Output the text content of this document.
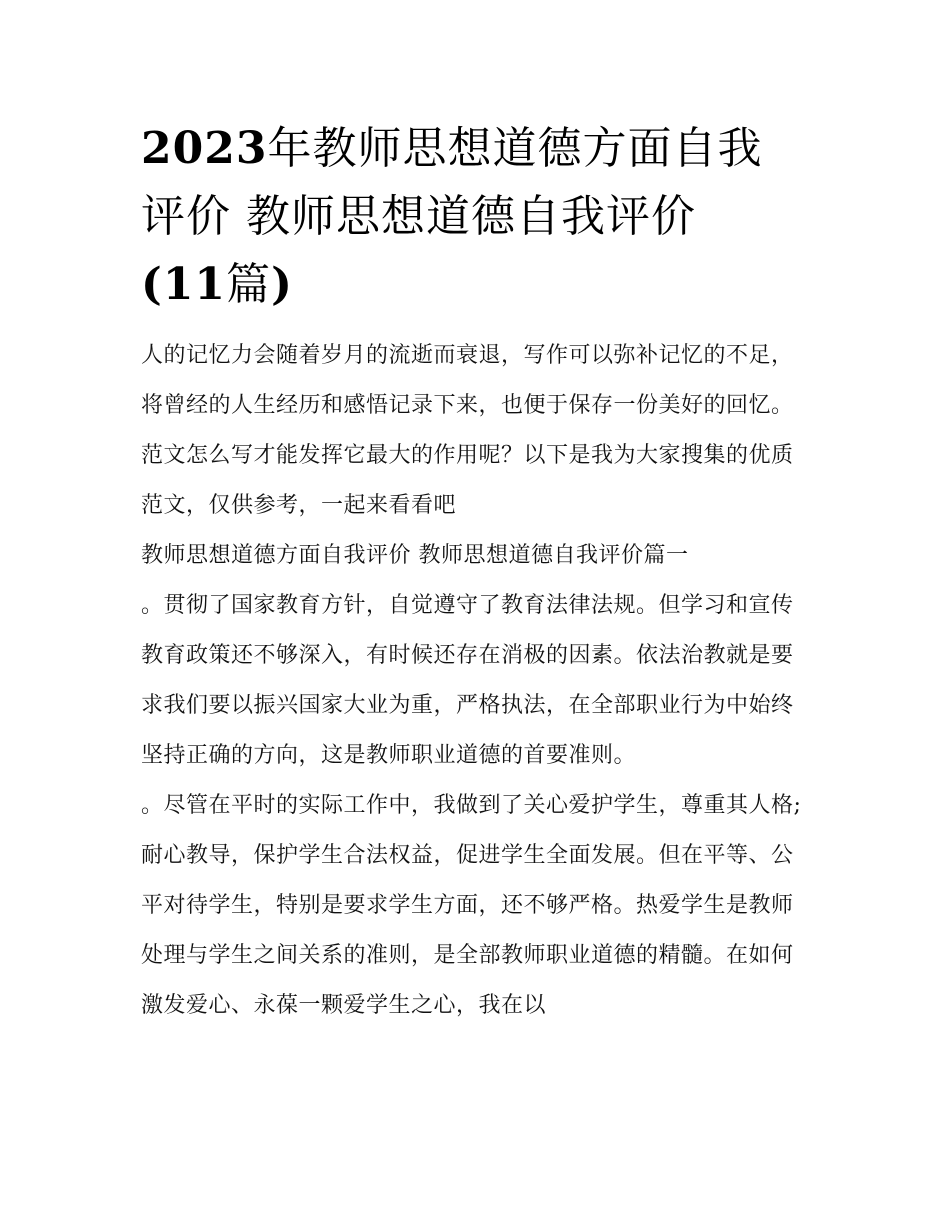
2023年教师思想道德方面自我
评价 教师思想道德自我评价
(11篇)

人的记忆力会随着岁月的流逝而衰退，写作可以弥补记忆的不足，将曾经的人生经历和感悟记录下来，也便于保存一份美好的回忆。范文怎么写才能发挥它最大的作用呢？以下是我为大家搜集的优质范文，仅供参考，一起来看看吧

教师思想道德方面自我评价 教师思想道德自我评价篇一

。贯彻了国家教育方针，自觉遵守了教育法律法规。但学习和宣传教育政策还不够深入，有时候还存在消极的因素。依法治教就是要求我们要以振兴国家大业为重，严格执法，在全部职业行为中始终坚持正确的方向，这是教师职业道德的首要准则。

。尽管在平时的实际工作中，我做到了关心爱护学生，尊重其人格;耐心教导，保护学生合法权益，促进学生全面发展。但在平等、公平对待学生，特别是要求学生方面，还不够严格。热爱学生是教师处理与学生之间关系的准则，是全部教师职业道德的精髓。在如何激发爱心、永葆一颗爱学生之心，我在以
